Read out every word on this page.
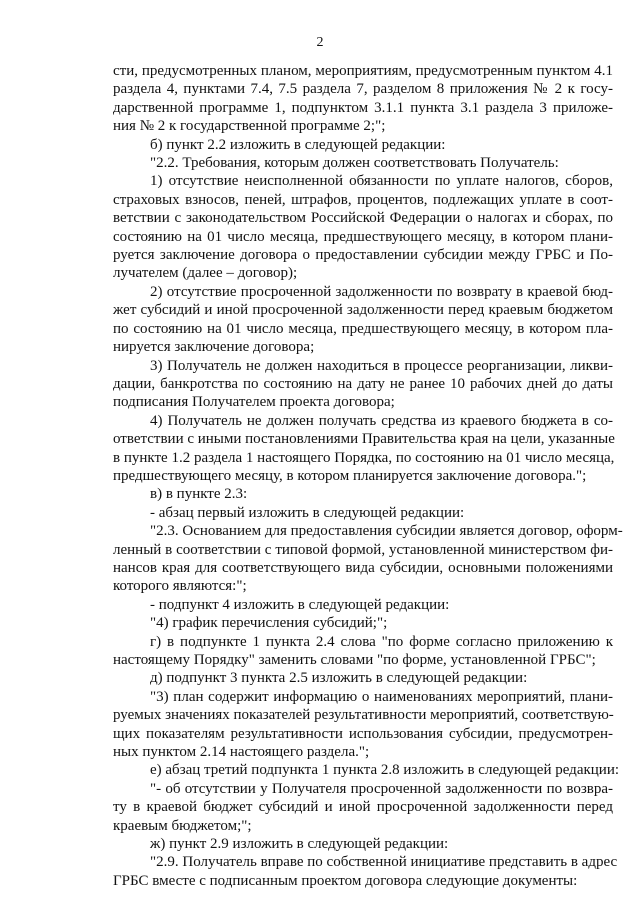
2
сти, предусмотренных планом, мероприятиям, предусмотренным пунктом 4.1
раздела 4, пунктами 7.4, 7.5 раздела 7, разделом 8 приложения № 2 к госу-
дарственной программе 1, подпунктом 3.1.1 пункта 3.1 раздела 3 приложе-
ния № 2 к государственной программе 2;";
б) пункт 2.2 изложить в следующей редакции:
"2.2. Требования, которым должен соответствовать Получатель:
1) отсутствие неисполненной обязанности по уплате налогов, сборов,
страховых взносов, пеней, штрафов, процентов, подлежащих уплате в соот-
ветствии с законодательством Российской Федерации о налогах и сборах, по
состоянию на 01 число месяца, предшествующего месяцу, в котором плани-
руется заключение договора о предоставлении субсидии между ГРБС и По-
лучателем (далее – договор);
2) отсутствие просроченной задолженности по возврату в краевой бюд-
жет субсидий и иной просроченной задолженности перед краевым бюджетом
по состоянию на 01 число месяца, предшествующего месяцу, в котором пла-
нируется заключение договора;
3) Получатель не должен находиться в процессе реорганизации, ликви-
дации, банкротства по состоянию на дату не ранее 10 рабочих дней до даты
подписания Получателем проекта договора;
4) Получатель не должен получать средства из краевого бюджета в со-
ответствии с иными постановлениями Правительства края на цели, указанные
в пункте 1.2 раздела 1 настоящего Порядка, по состоянию на 01 число месяца,
предшествующего месяцу, в котором планируется заключение договора.";
в) в пункте 2.3:
- абзац первый изложить в следующей редакции:
"2.3. Основанием для предоставления субсидии является договор, оформ-
ленный в соответствии с типовой формой, установленной министерством фи-
нансов края для соответствующего вида субсидии, основными положениями
которого являются:";
- подпункт 4 изложить в следующей редакции:
"4) график перечисления субсидий;";
г) в подпункте 1 пункта 2.4 слова "по форме согласно приложению к
настоящему Порядку" заменить словами "по форме, установленной ГРБС";
д) подпункт 3 пункта 2.5 изложить в следующей редакции:
"3) план содержит информацию о наименованиях мероприятий, плани-
руемых значениях показателей результативности мероприятий, соответствую-
щих показателям результативности использования субсидии, предусмотрен-
ных пунктом 2.14 настоящего раздела.";
е) абзац третий подпункта 1 пункта 2.8 изложить в следующей редакции:
"- об отсутствии у Получателя просроченной задолженности по возвра-
ту в краевой бюджет субсидий и иной просроченной задолженности перед
краевым бюджетом;";
ж) пункт 2.9 изложить в следующей редакции:
"2.9. Получатель вправе по собственной инициативе представить в адрес
ГРБС вместе с подписанным проектом договора следующие документы:
